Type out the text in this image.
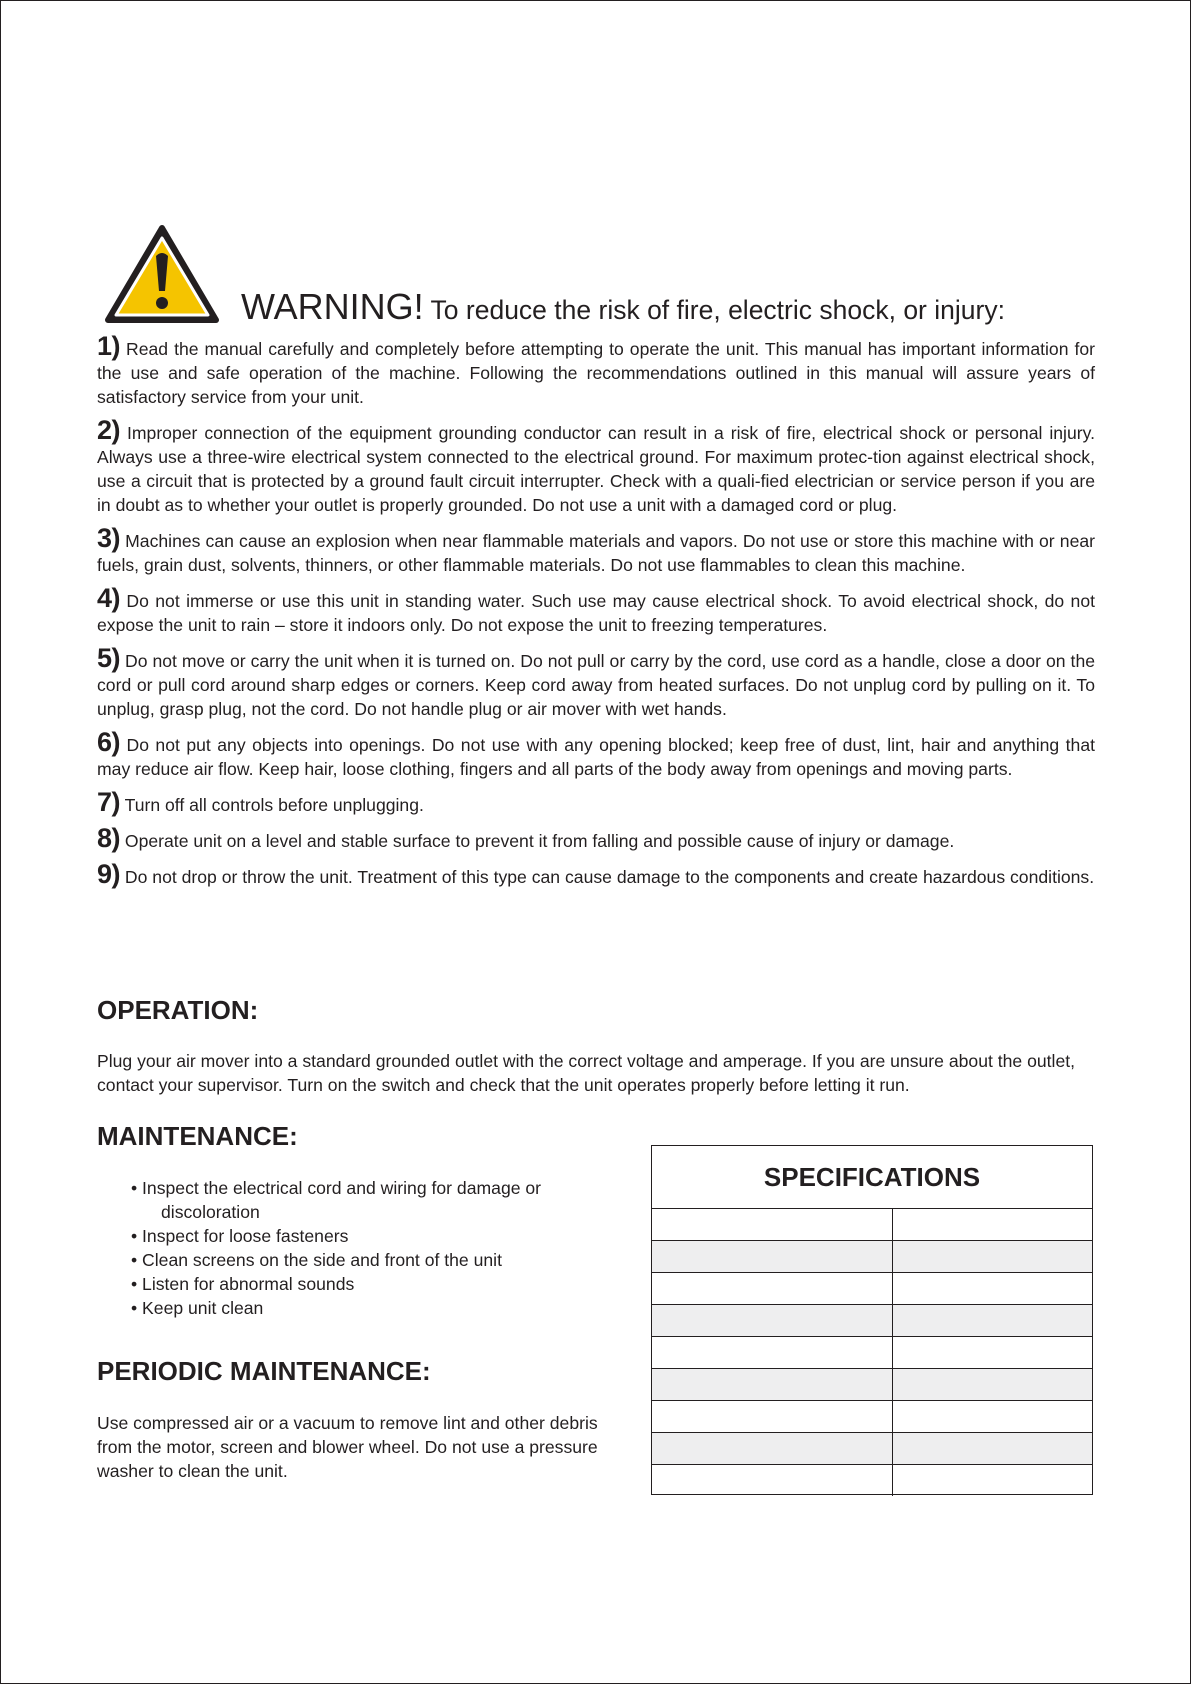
WARNING! To reduce the risk of fire, electric shock, or injury:

1) Read the manual carefully and completely before attempting to operate the unit. This manual has important information for the use and safe operation of the machine. Following the recommendations outlined in this manual will assure years of satisfactory service from your unit.

2) Improper connection of the equipment grounding conductor can result in a risk of fire, electrical shock or personal injury. Always use a three-wire electrical system connected to the electrical ground. For maximum protec-tion against electrical shock, use a circuit that is protected by a ground fault circuit interrupter. Check with a quali-fied electrician or service person if you are in doubt as to whether your outlet is properly grounded. Do not use a unit with a damaged cord or plug.

3) Machines can cause an explosion when near flammable materials and vapors. Do not use or store this machine with or near fuels, grain dust, solvents, thinners, or other flammable materials. Do not use flammables to clean this machine.

4) Do not immerse or use this unit in standing water. Such use may cause electrical shock. To avoid electrical shock, do not expose the unit to rain – store it indoors only. Do not expose the unit to freezing temperatures.

5) Do not move or carry the unit when it is turned on. Do not pull or carry by the cord, use cord as a handle, close a door on the cord or pull cord around sharp edges or corners. Keep cord away from heated surfaces. Do not unplug cord by pulling on it. To unplug, grasp plug, not the cord. Do not handle plug or air mover with wet hands.

6) Do not put any objects into openings. Do not use with any opening blocked; keep free of dust, lint, hair and anything that may reduce air flow. Keep hair, loose clothing, fingers and all parts of the body away from openings and moving parts.

7) Turn off all controls before unplugging.

8) Operate unit on a level and stable surface to prevent it from falling and possible cause of injury or damage.

9) Do not drop or throw the unit. Treatment of this type can cause damage to the components and create hazardous conditions.

OPERATION:
Plug your air mover into a standard grounded outlet with the correct voltage and amperage. If you are unsure about the outlet, contact your supervisor. Turn on the switch and check that the unit operates properly before letting it run.
MAINTENANCE:
• Inspect the electrical cord and wiring for damage or
discoloration
• Inspect for loose fasteners
• Clean screens on the side and front of the unit
• Listen for abnormal sounds
• Keep unit clean
PERIODIC MAINTENANCE:
Use compressed air or a vacuum to remove lint and other debris from the motor, screen and blower wheel. Do not use a pressure washer to clean the unit.
SPECIFICATIONS
